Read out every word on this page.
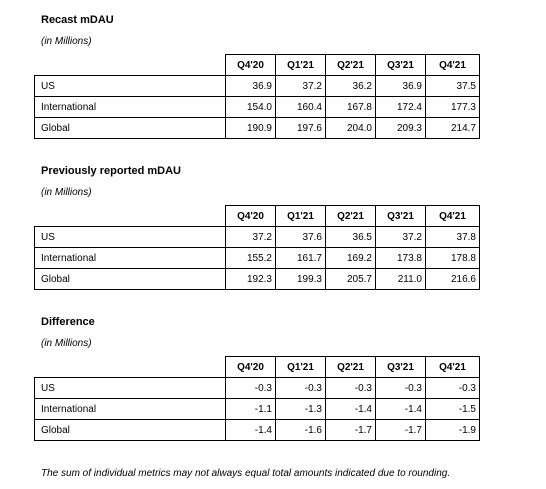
Recast mDAU
(in Millions)
	Q4'20	Q1'21	Q2'21	Q3'21	Q4'21
US	36.9	37.2	36.2	36.9	37.5
International	154.0	160.4	167.8	172.4	177.3
Global	190.9	197.6	204.0	209.3	214.7
Previously reported mDAU
(in Millions)
	Q4'20	Q1'21	Q2'21	Q3'21	Q4'21
US	37.2	37.6	36.5	37.2	37.8
International	155.2	161.7	169.2	173.8	178.8
Global	192.3	199.3	205.7	211.0	216.6
Difference
(in Millions)
	Q4'20	Q1'21	Q2'21	Q3'21	Q4'21
US	-0.3	-0.3	-0.3	-0.3	-0.3
International	-1.1	-1.3	-1.4	-1.4	-1.5
Global	-1.4	-1.6	-1.7	-1.7	-1.9
The sum of individual metrics may not always equal total amounts indicated due to rounding.
